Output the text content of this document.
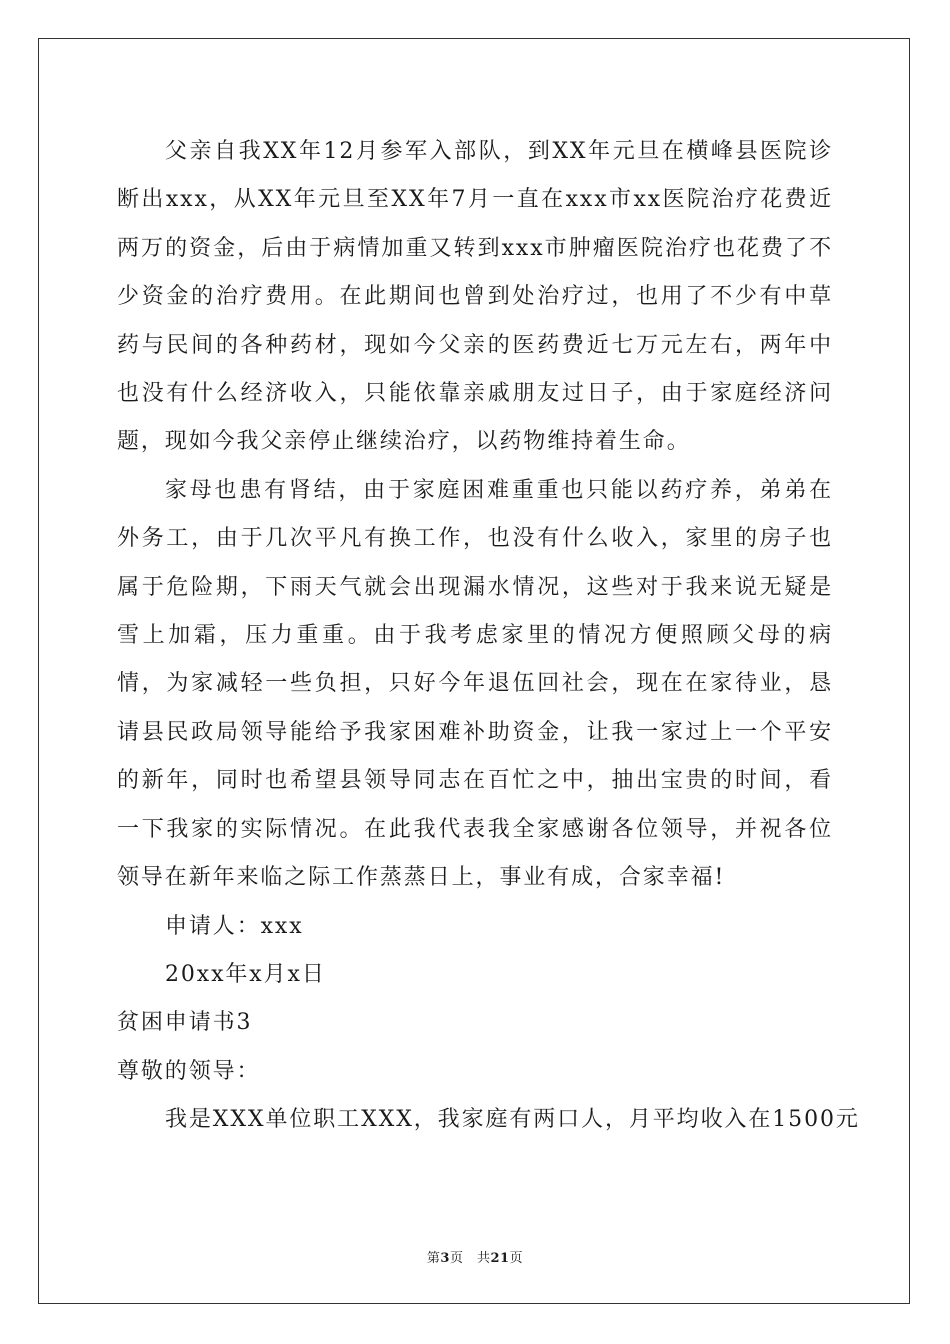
父亲自我XX年12月参军入部队，到XX年元旦在横峰县医院诊断出xxx，从XX年元旦至XX年7月一直在xxx市xx医院治疗花费近两万的资金，后由于病情加重又转到xxx市肿瘤医院治疗也花费了不少资金的治疗费用。在此期间也曾到处治疗过，也用了不少有中草药与民间的各种药材，现如今父亲的医药费近七万元左右，两年中也没有什么经济收入，只能依靠亲戚朋友过日子，由于家庭经济问题，现如今我父亲停止继续治疗，以药物维持着生命。

家母也患有肾结，由于家庭困难重重也只能以药疗养，弟弟在外务工，由于几次平凡有换工作，也没有什么收入，家里的房子也属于危险期，下雨天气就会出现漏水情况，这些对于我来说无疑是雪上加霜，压力重重。由于我考虑家里的情况方便照顾父母的病情，为家减轻一些负担，只好今年退伍回社会，现在在家待业，恳请县民政局领导能给予我家困难补助资金，让我一家过上一个平安的新年，同时也希望县领导同志在百忙之中，抽出宝贵的时间，看一下我家的实际情况。在此我代表我全家感谢各位领导，并祝各位领导在新年来临之际工作蒸蒸日上，事业有成，合家幸福!

申请人：xxx

20xx年x月x日

贫困申请书3

尊敬的领导：

我是XXX单位职工XXX，我家庭有两口人，月平均收入在1500元

第3页　共21页
